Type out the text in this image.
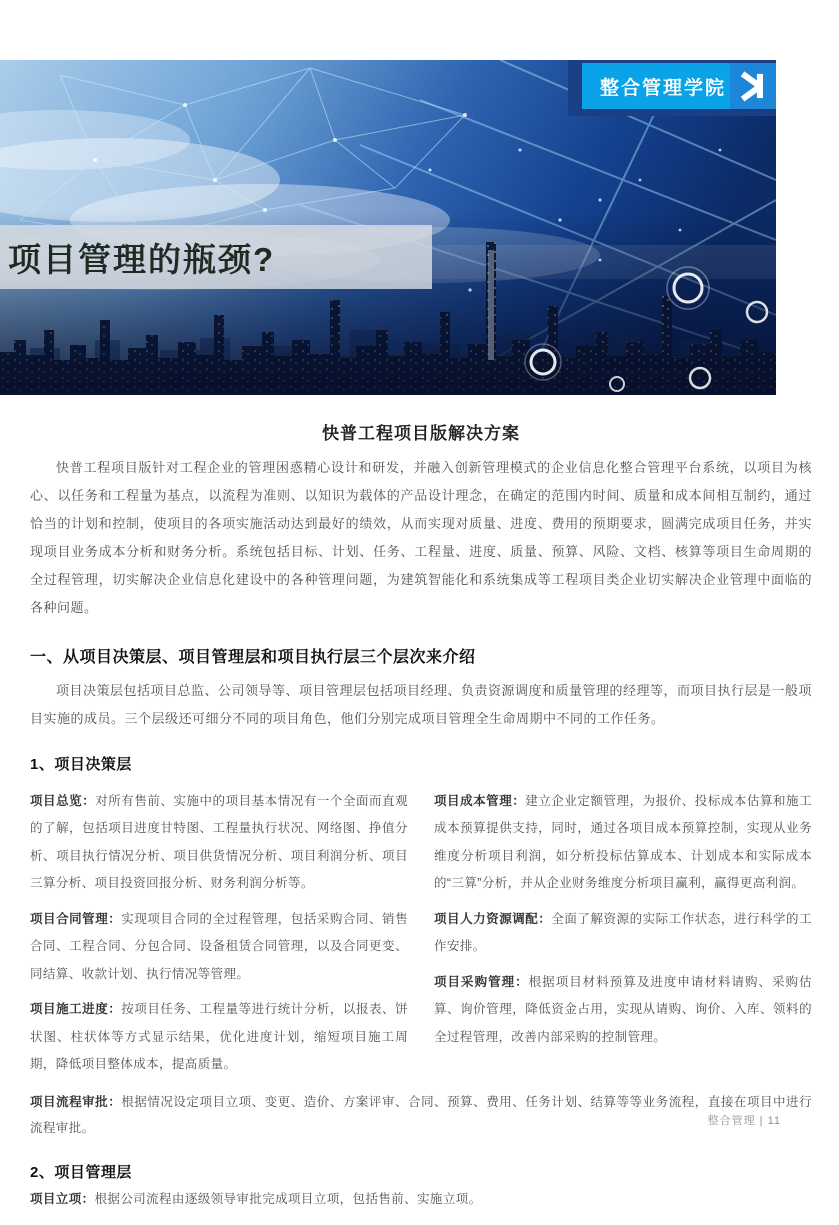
项目管理的瓶颈?
整合管理学院
快普工程项目版解决方案

快普工程项目版针对工程企业的管理困惑精心设计和研发，并融入创新管理模式的企业信息化整合管理平台系统，以项目为核心、以任务和工程量为基点，以流程为准则、以知识为载体的产品设计理念，在确定的范围内时间、质量和成本间相互制约，通过恰当的计划和控制，使项目的各项实施活动达到最好的绩效，从而实现对质量、进度、费用的预期要求，圆满完成项目任务，并实现项目业务成本分析和财务分析。系统包括目标、计划、任务、工程量、进度、质量、预算、风险、文档、核算等项目生命周期的全过程管理，切实解决企业信息化建设中的各种管理问题，为建筑智能化和系统集成等工程项目类企业切实解决企业管理中面临的各种问题。

一、从项目决策层、项目管理层和项目执行层三个层次来介绍

项目决策层包括项目总监、公司领导等、项目管理层包括项目经理、负责资源调度和质量管理的经理等，而项目执行层是一般项目实施的成员。三个层级还可细分不同的项目角色，他们分别完成项目管理全生命周期中不同的工作任务。

1、项目决策层

项目总览：对所有售前、实施中的项目基本情况有一个全面而直观的了解，包括项目进度甘特图、工程量执行状况、网络图、挣值分析、项目执行情况分析、项目供货情况分析、项目利润分析、项目三算分析、项目投资回报分析、财务利润分析等。

项目合同管理：实现项目合同的全过程管理，包括采购合同、销售合同、工程合同、分包合同、设备租赁合同管理，以及合同更变、同结算、收款计划、执行情况等管理。

项目施工进度：按项目任务、工程量等进行统计分析，以报表、饼状图、柱状体等方式显示结果，优化进度计划，缩短项目施工周期，降低项目整体成本，提高质量。

项目成本管理：建立企业定额管理，为报价、投标成本估算和施工成本预算提供支持，同时，通过各项目成本预算控制，实现从业务维度分析项目利润，如分析投标估算成本、计划成本和实际成本的“三算”分析，并从企业财务维度分析项目赢利，赢得更高利润。

项目人力资源调配：全面了解资源的实际工作状态，进行科学的工作安排。

项目采购管理：根据项目材料预算及进度申请材料请购、采购估算、询价管理，降低资金占用，实现从请购、询价、入库、领料的全过程管理，改善内部采购的控制管理。

项目流程审批：根据情况设定项目立项、变更、造价、方案评审、合同、预算、费用、任务计划、结算等等业务流程，直接在项目中进行流程审批。

2、项目管理层

项目立项：根据公司流程由逐级领导审批完成项目立项，包括售前、实施立项。

整合管理 | 11
